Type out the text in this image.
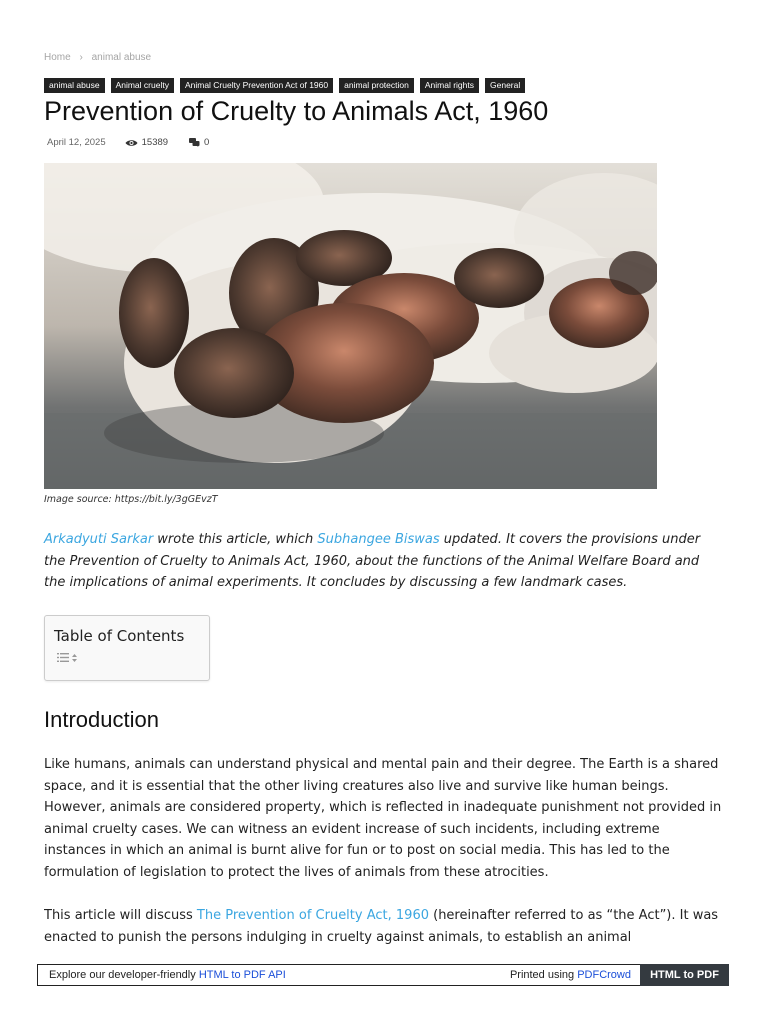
Home › animal abuse
animal abuse	Animal cruelty	Animal Cruelty Prevention Act of 1960	animal protection	Animal rights	General
Prevention of Cruelty to Animals Act, 1960
April 12, 2025	15389	0
Image source: https://bit.ly/3gGEvzT

Arkadyuti Sarkar wrote this article, which Subhangee Biswas updated. It covers the provisions under the Prevention of Cruelty to Animals Act, 1960, about the functions of the Animal Welfare Board and the implications of animal experiments. It concludes by discussing a few landmark cases.

Table of Contents
Introduction

Like humans, animals can understand physical and mental pain and their degree. The Earth is a shared space, and it is essential that the other living creatures also live and survive like human beings. However, animals are considered property, which is reflected in inadequate punishment not provided in animal cruelty cases. We can witness an evident increase of such incidents, including extreme instances in which an animal is burnt alive for fun or to post on social media. This has led to the formulation of legislation to protect the lives of animals from these atrocities.

This article will discuss The Prevention of Cruelty Act, 1960 (hereinafter referred to as “the Act”). It was enacted to punish the persons indulging in cruelty against animals, to establish an animal

Explore our developer-friendly HTML to PDF API	Printed using PDFCrowd	HTML to PDF
